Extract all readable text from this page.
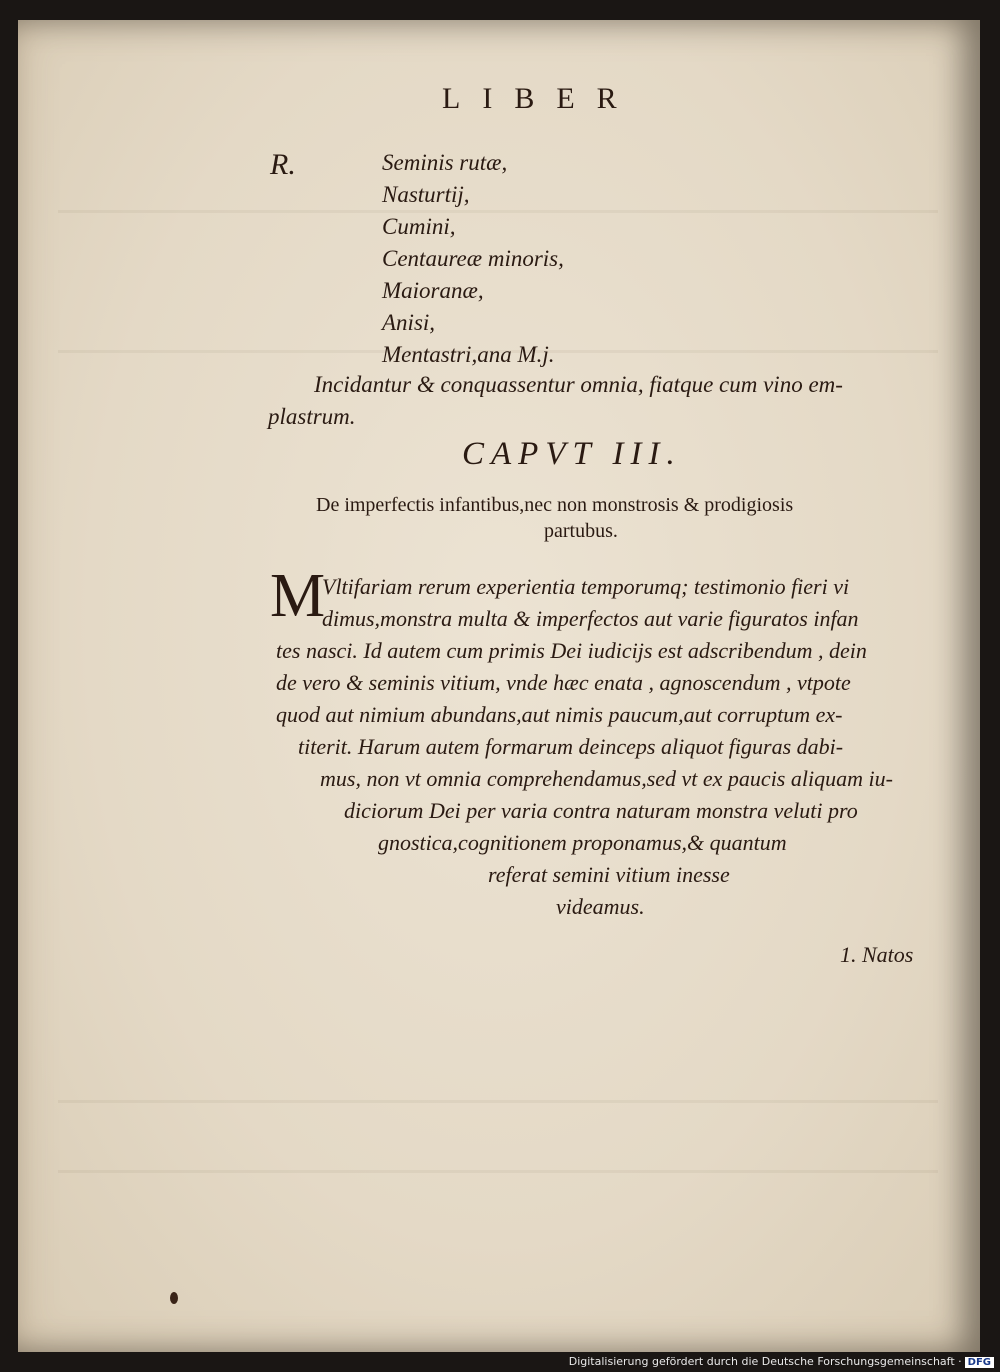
LIBER
R.	Seminis rutæ,
Nasturtij,
Cumini,
Centaureæ minoris,
Maioranæ,
Anisi,
Mentastri,ana M.j.
Incidantur & conquassentur omnia, fiatque cum vino em-
plastrum.
CAPVT III.
De imperfectis infantibus,nec non monstrosis & prodigiosis
partubus.
M
Vltifariam rerum experientia temporumq; testimonio fieri vi
dimus,monstra multa & imperfectos aut varie figuratos infan
tes nasci. Id autem cum primis Dei iudicijs est adscribendum , dein
de vero & seminis vitium, vnde hæc enata , agnoscendum , vtpote
quod aut nimium abundans,aut nimis paucum,aut corruptum ex-
titerit. Harum autem formarum deinceps aliquot figuras dabi-
mus, non vt omnia comprehendamus,sed vt ex paucis aliquam iu-
diciorum Dei per varia contra naturam monstra veluti pro
gnostica,cognitionem proponamus,& quantum
referat semini vitium inesse
videamus.
1. Natos
Digitalisierung gefördert durch die Deutsche Forschungsgemeinschaft · DFG
